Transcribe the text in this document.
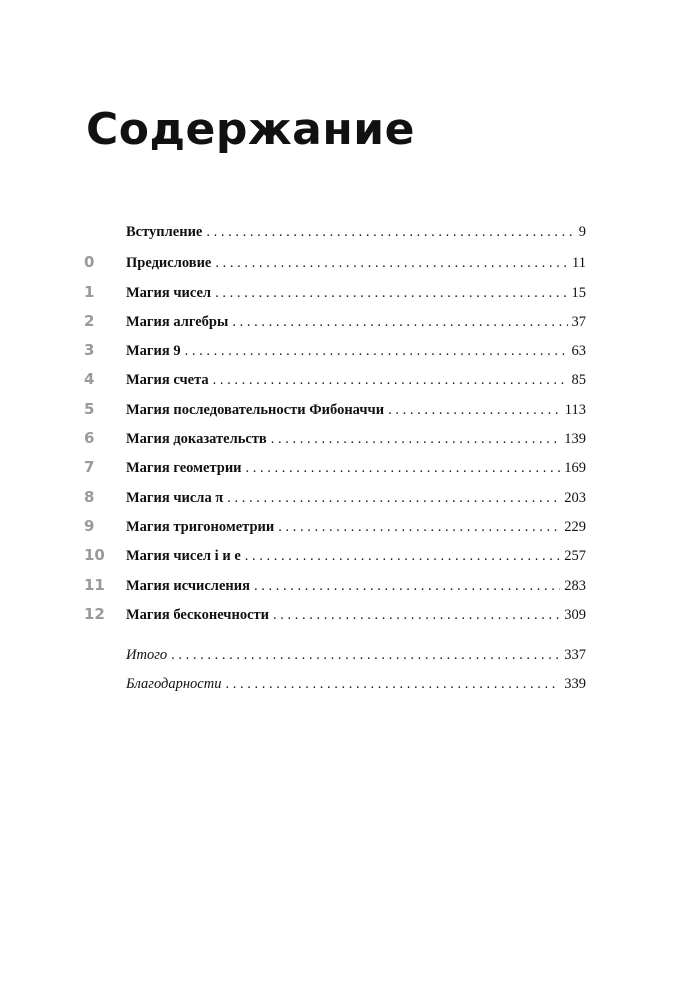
Содержание
Вступление . . .	9
0	Предисловие . . .	11
1	Магия чисел . . .	15
2	Магия алгебры . . .	37
3	Магия 9 . . .	63
4	Магия счета . . .	85
5	Магия последовательности Фибоначчи . . .	113
6	Магия доказательств . . .	139
7	Магия геометрии . . .	169
8	Магия числа π . . .	203
9	Магия тригонометрии . . .	229
10	Магия чисел i и e . . .	257
11	Магия исчисления . . .	283
12	Магия бесконечности . . .	309
Итого . . .	337
Благодарности . . .	339
